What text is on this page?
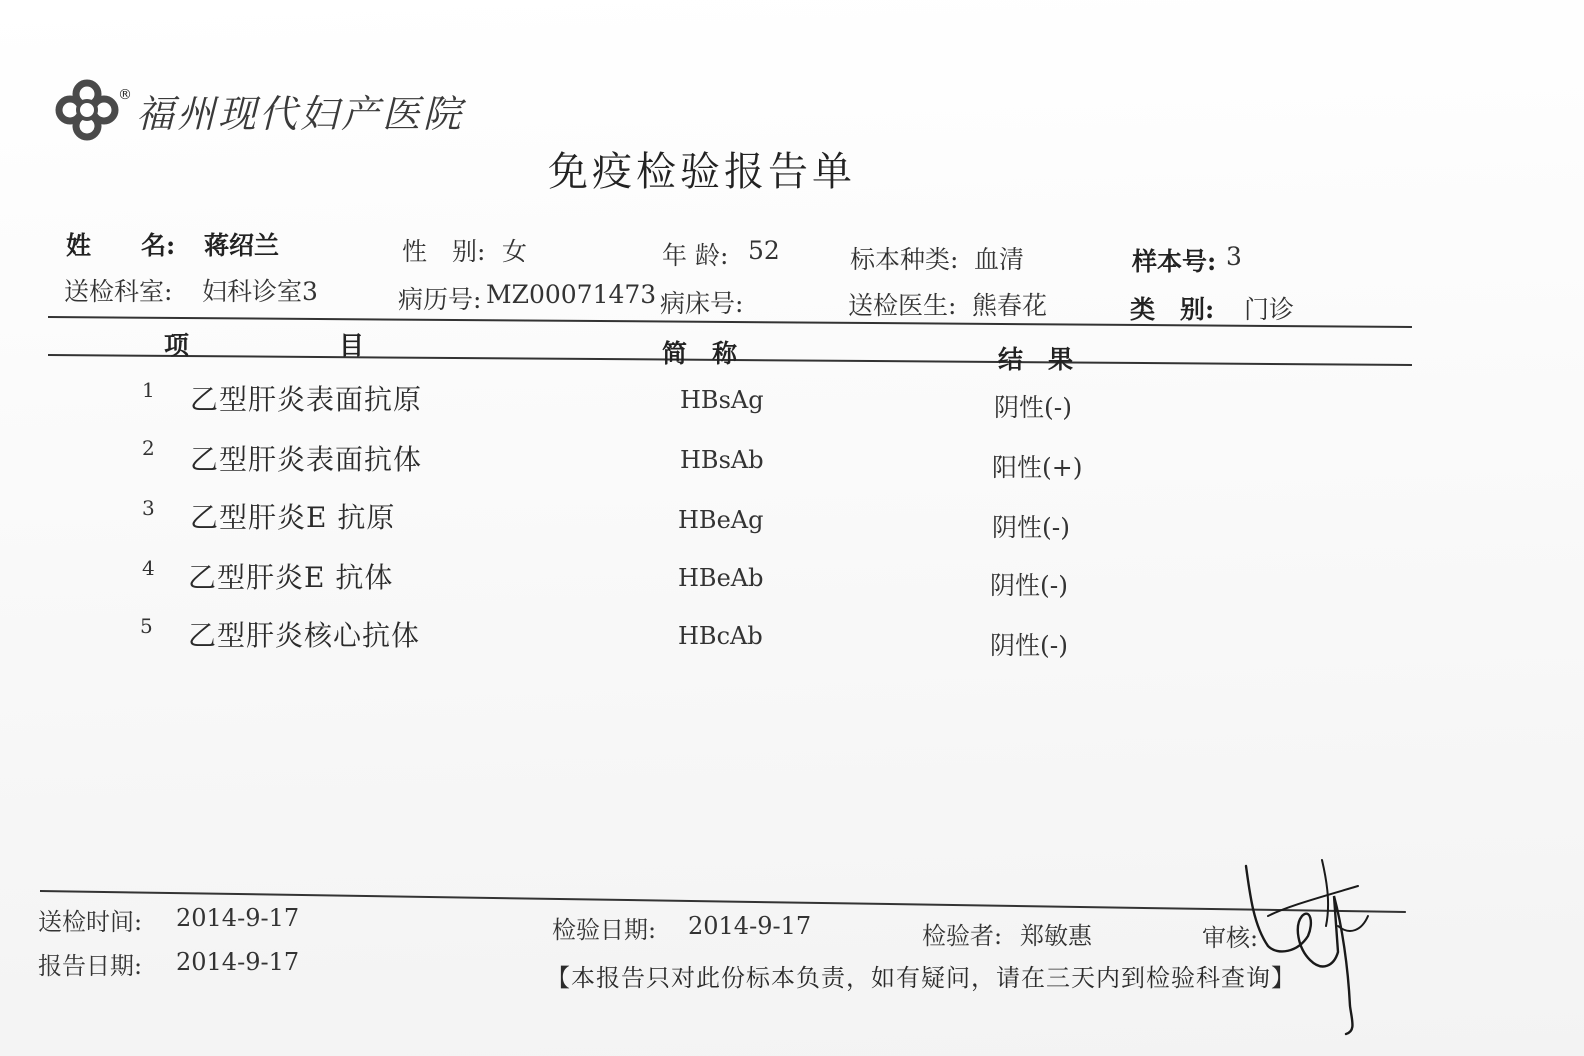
® 福州现代妇产医院
免疫检验报告单
姓　　名: 蒋绍兰	性　别: 女	年 龄: 52	标本种类: 血清	样本号: 3
送检科室: 妇科诊室3	病历号: MZ00071473 病床号:	送检医生: 熊春花	类　别: 门诊
项　　　　　　目	简　称	结　果
1 乙型肝炎表面抗原	HBsAg	阴性(-)
2 乙型肝炎表面抗体	HBsAb	阳性(+)
3 乙型肝炎E 抗原	HBeAg	阴性(-)
4 乙型肝炎E 抗体	HBeAb	阴性(-)
5 乙型肝炎核心抗体	HBcAb	阴性(-)
送检时间: 2014-9-17
报告日期: 2014-9-17
检验日期: 2014-9-17	检验者: 郑敏惠	审核:
【本报告只对此份标本负责，如有疑问，请在三天内到检验科查询】
